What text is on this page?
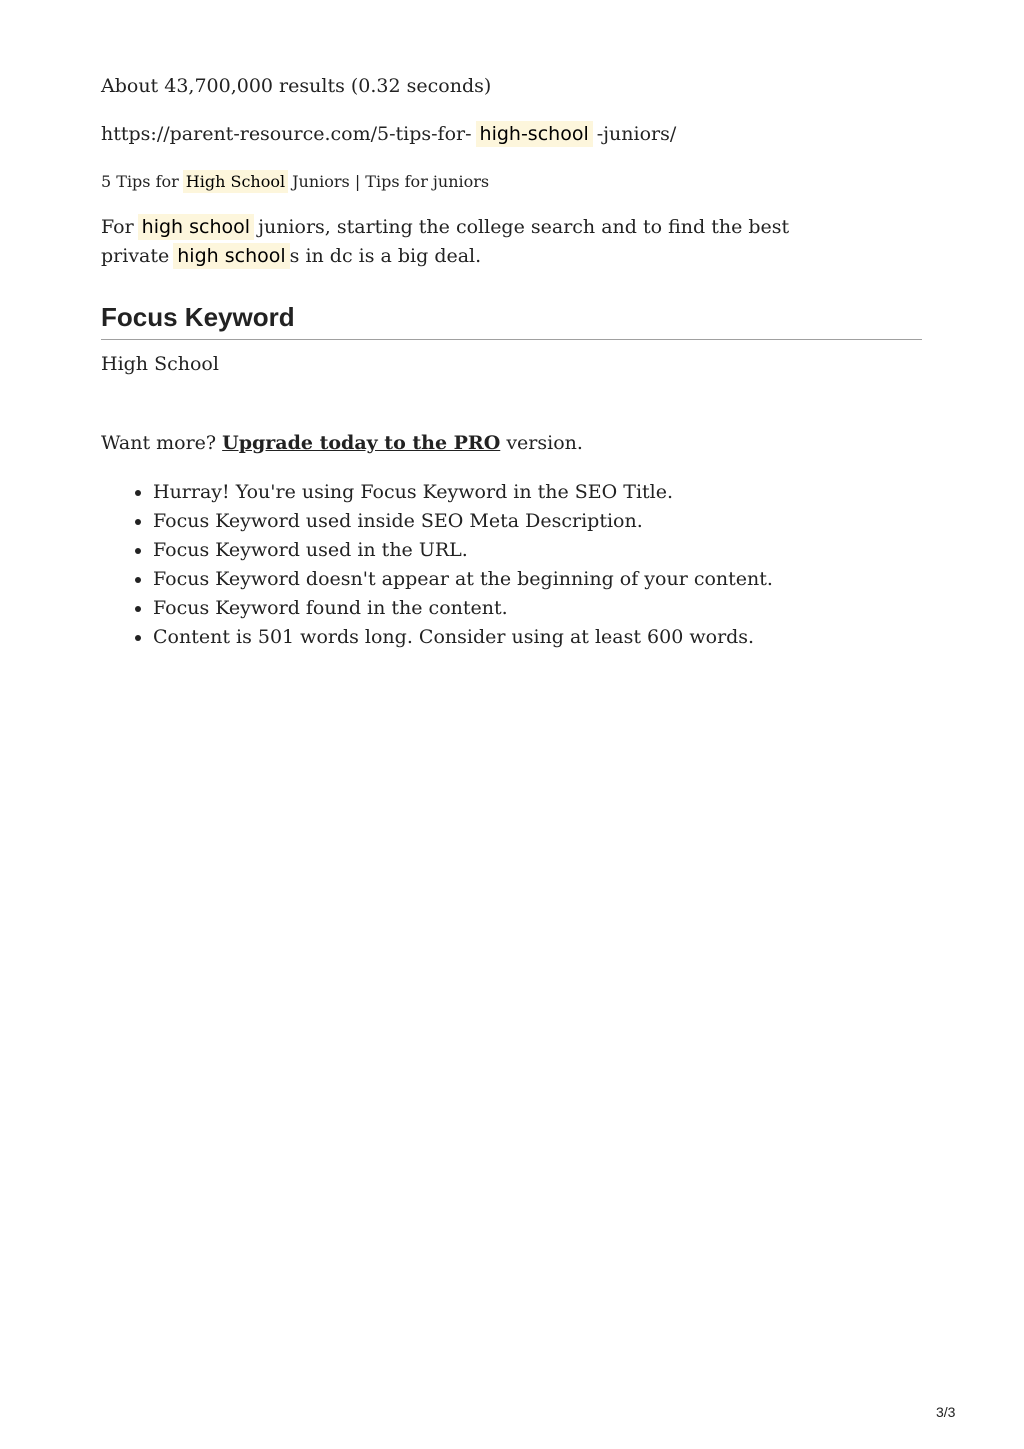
About 43,700,000 results (0.32 seconds)
https://parent-resource.com/5-tips-for- high-school -juniors/
5 Tips for High School Juniors | Tips for juniors
For high school juniors, starting the college search and to find the best private high school s in dc is a big deal.
Focus Keyword
High School
Want more? Upgrade today to the PRO version.
• Hurray! You're using Focus Keyword in the SEO Title.
• Focus Keyword used inside SEO Meta Description.
• Focus Keyword used in the URL.
• Focus Keyword doesn't appear at the beginning of your content.
• Focus Keyword found in the content.
• Content is 501 words long. Consider using at least 600 words.
3/3
